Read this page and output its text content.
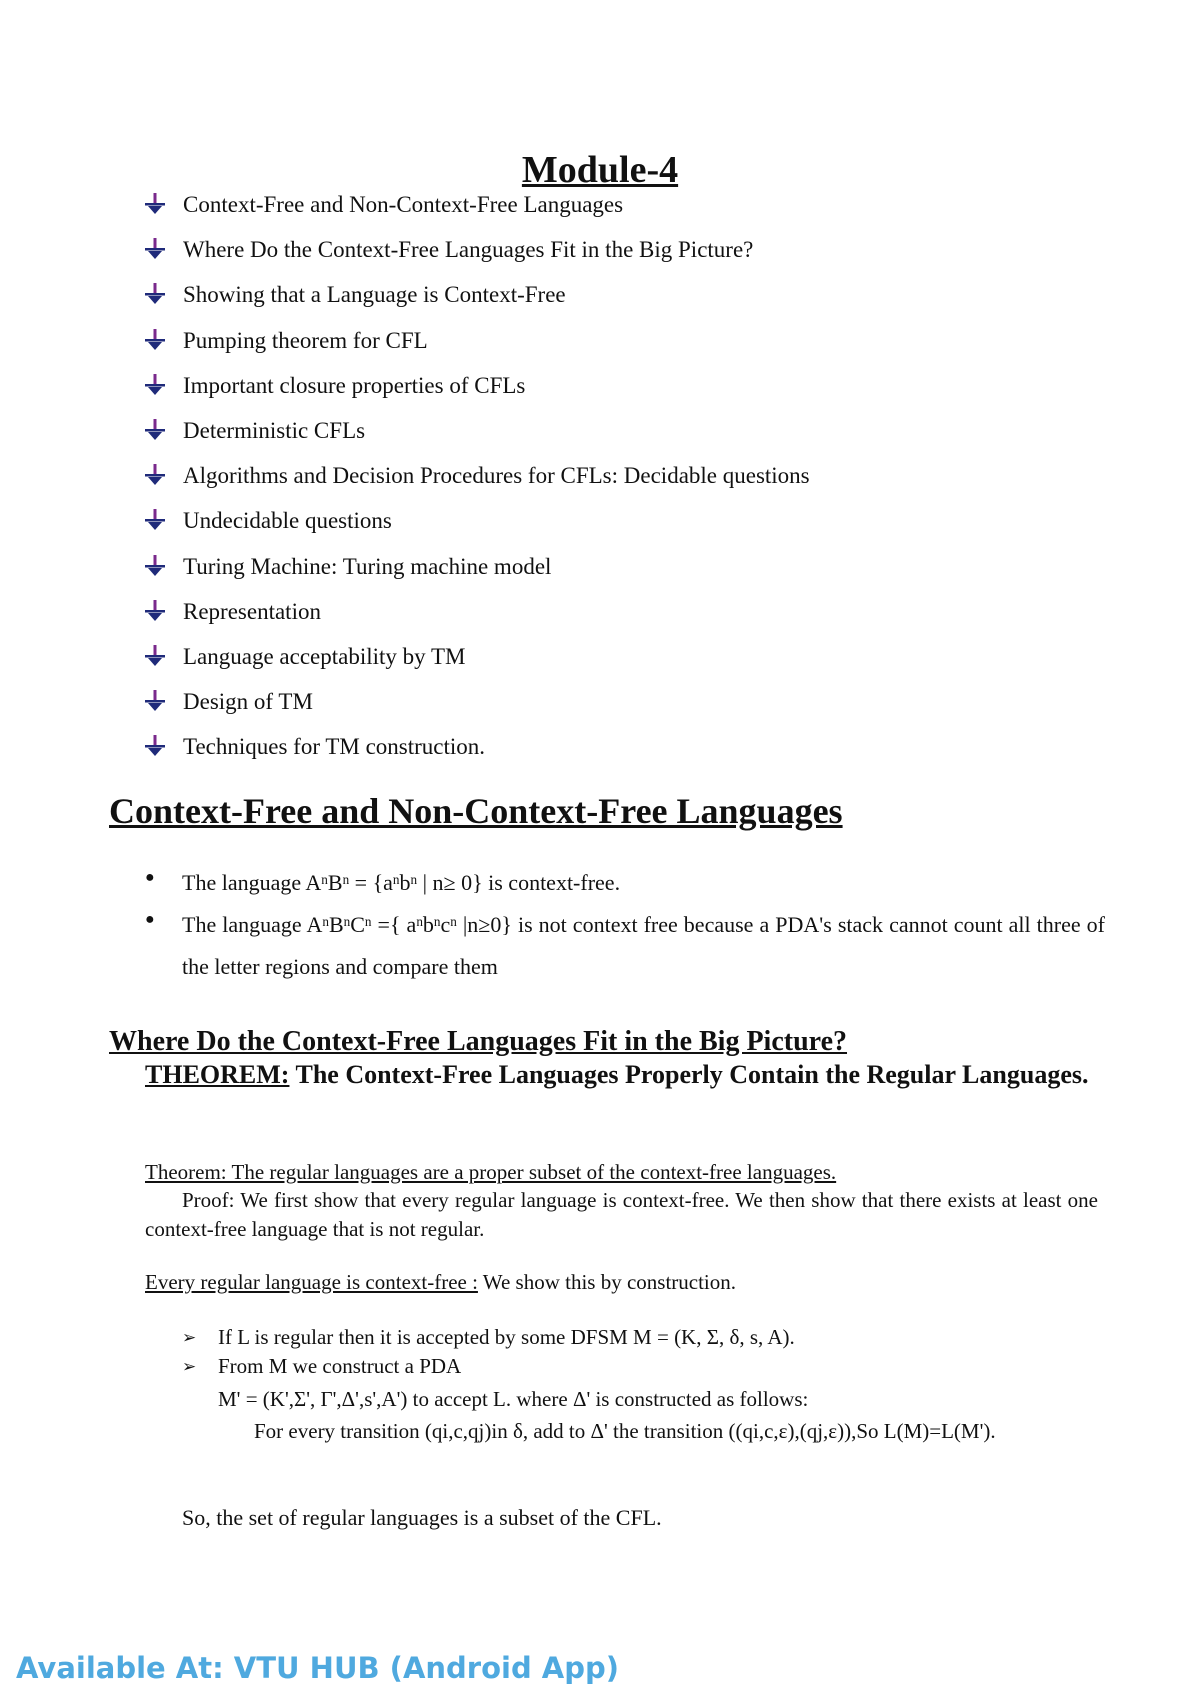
Module-4
Context-Free and Non-Context-Free Languages
Where Do the Context-Free Languages Fit in the Big Picture?
Showing that a Language is Context-Free
Pumping theorem for CFL
Important closure properties of CFLs
Deterministic CFLs
Algorithms and Decision Procedures for CFLs: Decidable questions
Undecidable questions
Turing Machine: Turing machine model
Representation
Language acceptability by TM
Design of TM
Techniques for TM construction.
Context-Free and Non-Context-Free Languages
●	The language $A^nB^n = \{a^nb^n$ | n≥ 0} is context-free.
●	The language $A^nB^nC^n$ ={ $a^nb^nc^n$ |n≥0} is not context free because a PDA's stack cannot count all three of the letter regions and compare them
Where Do the Context-Free Languages Fit in the Big Picture?
THEOREM: The Context-Free Languages Properly Contain the Regular Languages.
Theorem: The regular languages are a proper subset of the context-free languages.
Proof: We first show that every regular language is context-free. We then show that there exists at least one context-free language that is not regular.
Every regular language is context-free : We show this by construction.
➢	If L is regular then it is accepted by some DFSM M = (K, Σ, δ, s, A).
➢	From M we construct a PDA
M' = (K',Σ', Γ',Δ',s',A') to accept L. where Δ' is constructed as follows:
For every transition (qi,c,qj)in δ, add to Δ' the transition ((qi,c,ε),(qj,ε)),So L(M)=L(M').
So, the set of regular languages is a subset of the CFL.
Available At: VTU HUB (Android App)
